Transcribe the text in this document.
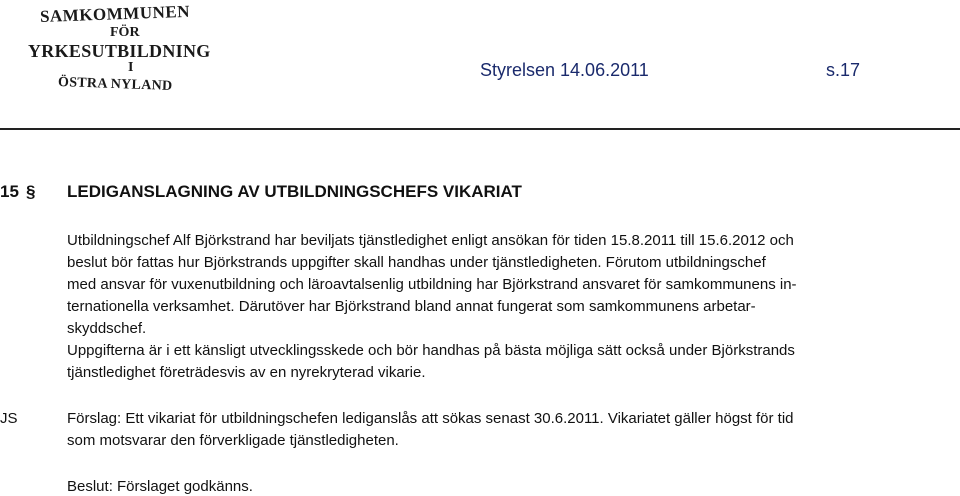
SAMKOMMUNEN
FÖR
YRKESUTBILDNING
I
ÖSTRA NYLAND
Styrelsen 14.06.2011	s.17
15 § LEDIGANSLAGNING AV UTBILDNINGSCHEFS VIKARIAT
Utbildningschef Alf Björkstrand har beviljats tjänstledighet enligt ansökan för tiden 15.8.2011 till 15.6.2012 och
beslut bör fattas hur Björkstrands uppgifter skall handhas under tjänstledigheten. Förutom utbildningschef
med ansvar för vuxenutbildning och läroavtalsenlig utbildning har Björkstrand ansvaret för samkommunens in-
ternationella verksamhet. Därutöver har Björkstrand bland annat fungerat som samkommunens arbetar-
skyddschef.
Uppgifterna är i ett känsligt utvecklingsskede och bör handhas på bästa möjliga sätt också under Björkstrands
tjänstledighet företrädesvis av en nyrekryterad vikarie.
JS	Förslag: Ett vikariat för utbildningschefen lediganslås att sökas senast 30.6.2011. Vikariatet gäller högst för tid
som motsvarar den förverkligade tjänstledigheten.
Beslut: Förslaget godkänns.
